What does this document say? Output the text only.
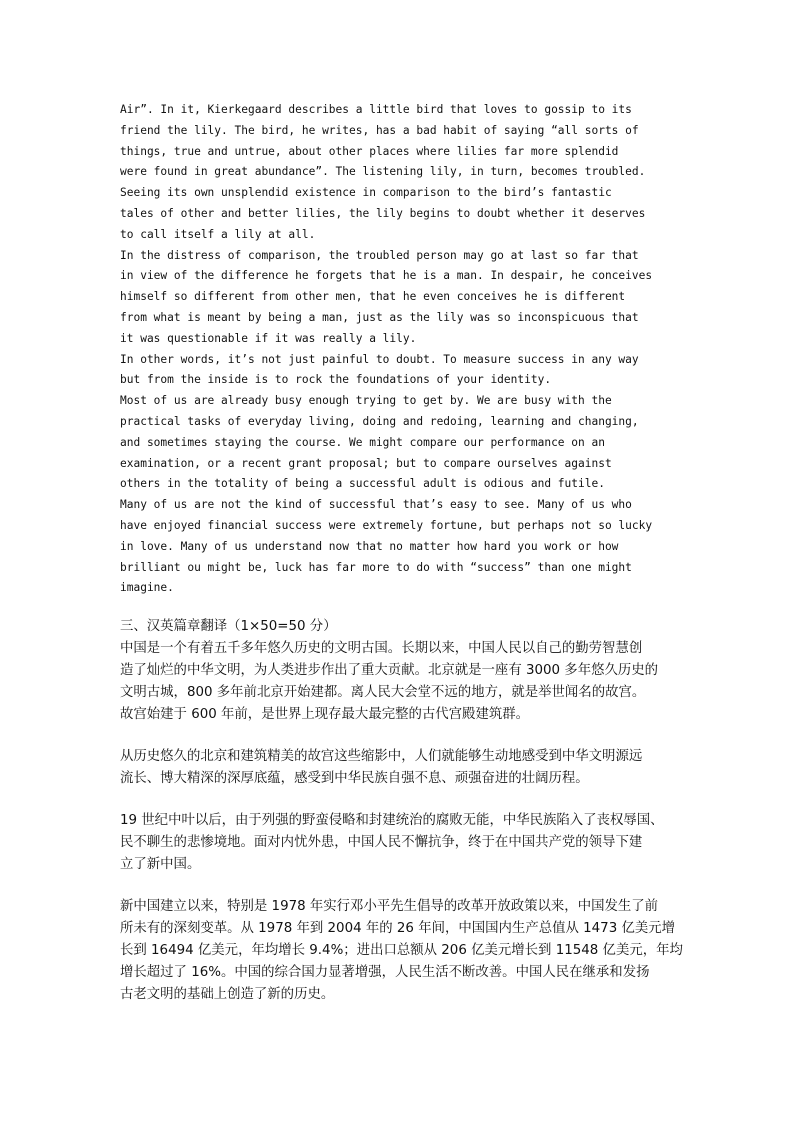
Air”. In it, Kierkegaard describes a little bird that loves to gossip to its
friend the lily. The bird, he writes, has a bad habit of saying “all sorts of
things, true and untrue, about other places where lilies far more splendid
were found in great abundance”. The listening lily, in turn, becomes troubled.
Seeing its own unsplendid existence in comparison to the bird’s fantastic
tales of other and better lilies, the lily begins to doubt whether it deserves
to call itself a lily at all.
In the distress of comparison, the troubled person may go at last so far that
in view of the difference he forgets that he is a man. In despair, he conceives
himself so different from other men, that he even conceives he is different
from what is meant by being a man, just as the lily was so inconspicuous that
it was questionable if it was really a lily.
In other words, it’s not just painful to doubt. To measure success in any way
but from the inside is to rock the foundations of your identity.
Most of us are already busy enough trying to get by. We are busy with the
practical tasks of everyday living, doing and redoing, learning and changing,
and sometimes staying the course. We might compare our performance on an
examination, or a recent grant proposal; but to compare ourselves against
others in the totality of being a successful adult is odious and futile.
Many of us are not the kind of successful that’s easy to see. Many of us who
have enjoyed financial success were extremely fortune, but perhaps not so lucky
in love. Many of us understand now that no matter how hard you work or how
brilliant ou might be, luck has far more to do with “success” than one might
imagine.
三、汉英篇章翻译（1×50=50 分）
中国是一个有着五千多年悠久历史的文明古国。长期以来，中国人民以自己的勤劳智慧创
造了灿烂的中华文明，为人类进步作出了重大贡献。北京就是一座有 3000 多年悠久历史的
文明古城，800 多年前北京开始建都。离人民大会堂不远的地方，就是举世闻名的故宫。
故宫始建于 600 年前，是世界上现存最大最完整的古代宫殿建筑群。
从历史悠久的北京和建筑精美的故宫这些缩影中，人们就能够生动地感受到中华文明源远
流长、博大精深的深厚底蕴，感受到中华民族自强不息、顽强奋进的壮阔历程。
19 世纪中叶以后，由于列强的野蛮侵略和封建统治的腐败无能，中华民族陷入了丧权辱国、
民不聊生的悲惨境地。面对内忧外患，中国人民不懈抗争，终于在中国共产党的领导下建
立了新中国。
新中国建立以来，特别是 1978 年实行邓小平先生倡导的改革开放政策以来，中国发生了前
所未有的深刻变革。从 1978 年到 2004 年的 26 年间，中国国内生产总值从 1473 亿美元增
长到 16494 亿美元，年均增长 9.4%；进出口总额从 206 亿美元增长到 11548 亿美元，年均
增长超过了 16%。中国的综合国力显著增强，人民生活不断改善。中国人民在继承和发扬
古老文明的基础上创造了新的历史。
